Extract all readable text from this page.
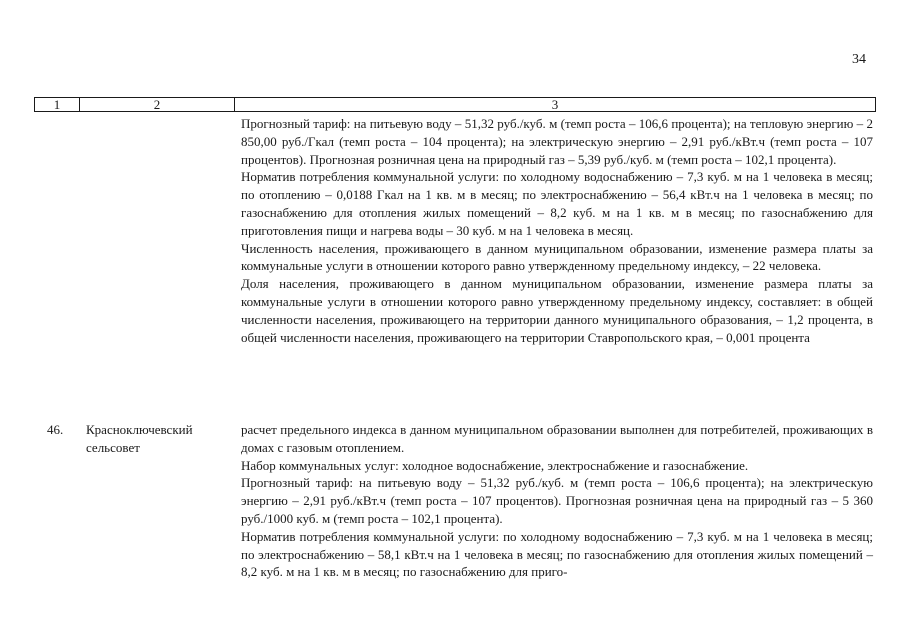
34
1	2	3

Прогнозный тариф: на питьевую воду – 51,32 руб./куб. м (темп роста – 106,6 процента); на тепловую энергию – 2 850,00 руб./Гкал (темп роста – 104 процента); на электрическую энергию – 2,91 руб./кВт.ч (темп роста – 107 процентов). Прогнозная розничная цена на природный газ – 5,39 руб./куб. м (темп роста – 102,1 процента).

Норматив потребления коммунальной услуги: по холодному водоснабжению – 7,3 куб. м на 1 человека в месяц; по отоплению – 0,0188 Гкал на 1 кв. м в месяц; по электроснабжению – 56,4 кВт.ч на 1 человека в месяц; по газоснабжению для отопления жилых помещений – 8,2 куб. м на 1 кв. м в месяц; по газоснабжению для приготовления пищи и нагрева воды – 30 куб. м на 1 человека в месяц.

Численность населения, проживающего в данном муниципальном образовании, изменение размера платы за коммунальные услуги в отношении которого равно утвержденному предельному индексу, – 22 человека.

Доля населения, проживающего в данном муниципальном образовании, изменение размера платы за коммунальные услуги в отношении которого равно утвержденному предельному индексу, составляет: в общей численности населения, проживающего на территории данного муниципального образования, – 1,2 процента, в общей численности населения, проживающего на территории Ставропольского края, – 0,001 процента

46. Красноключевский
сельсовет

расчет предельного индекса в данном муниципальном образовании выполнен для потребителей, проживающих в домах с газовым отоплением.

Набор коммунальных услуг: холодное водоснабжение, электроснабжение и газоснабжение.

Прогнозный тариф: на питьевую воду – 51,32 руб./куб. м (темп роста – 106,6 процента); на электрическую энергию – 2,91 руб./кВт.ч (темп роста – 107 процентов). Прогнозная розничная цена на природный газ – 5 360 руб./1000 куб. м (темп роста – 102,1 процента).

Норматив потребления коммунальной услуги: по холодному водоснабжению – 7,3 куб. м на 1 человека в месяц; по электроснабжению – 58,1 кВт.ч на 1 человека в месяц; по газоснабжению для отопления жилых помещений – 8,2 куб. м на 1 кв. м в месяц; по газоснабжению для приго-
